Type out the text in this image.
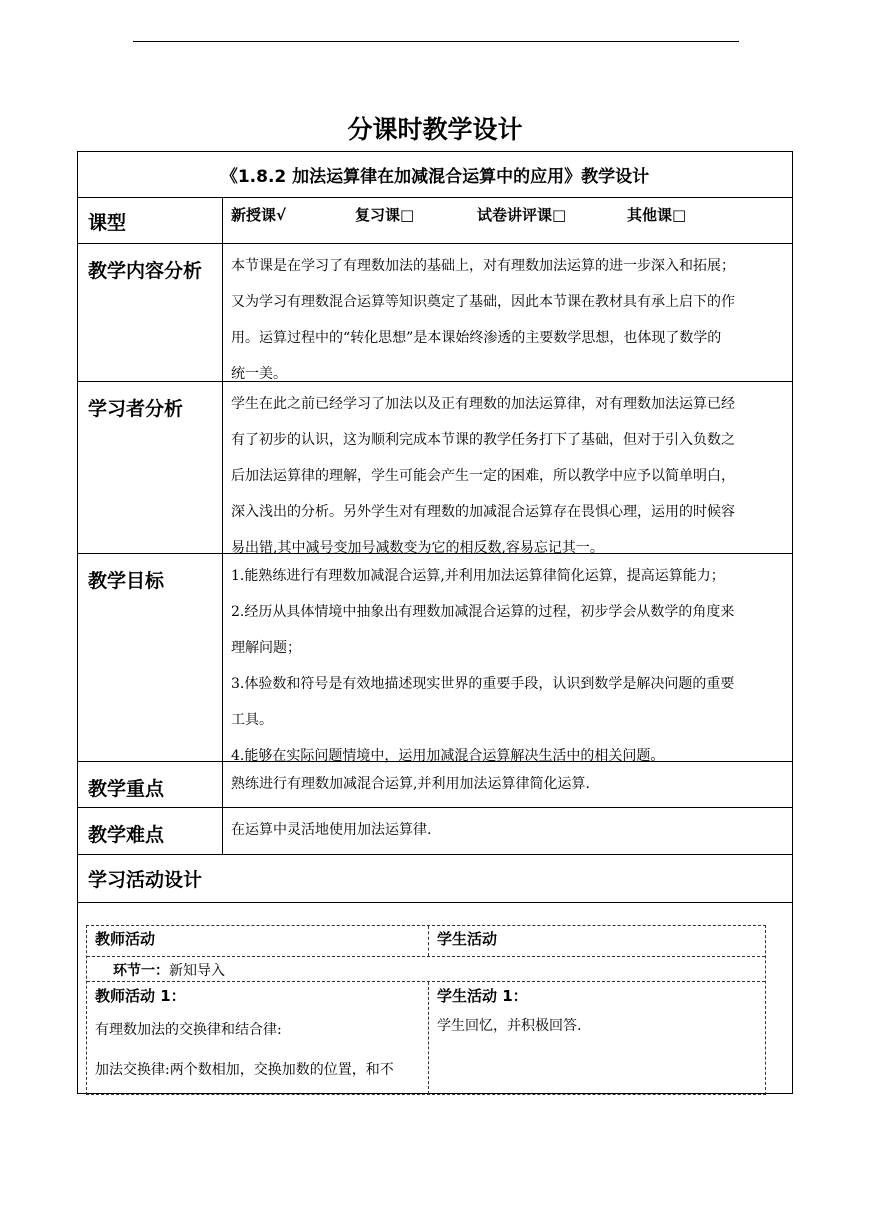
分课时教学设计
《1.8.2 加法运算律在加减混合运算中的应用》教学设计
课型	新授课√	复习课□	试卷讲评课□	其他课□
教学内容分析	本节课是在学习了有理数加法的基础上，对有理数加法运算的进一步深入和拓展；

又为学习有理数混合运算等知识奠定了基础，因此本节课在教材具有承上启下的作

用。运算过程中的“转化思想”是本课始终渗透的主要数学思想，也体现了数学的

统一美。

学习者分析	学生在此之前已经学习了加法以及正有理数的加法运算律，对有理数加法运算已经

有了初步的认识，这为顺利完成本节课的教学任务打下了基础，但对于引入负数之

后加法运算律的理解，学生可能会产生一定的困难，所以教学中应予以简单明白，

深入浅出的分析。另外学生对有理数的加减混合运算存在畏惧心理，运用的时候容

易出错,其中减号变加号减数变为它的相反数,容易忘记其一。

教学目标	1.能熟练进行有理数加减混合运算,并利用加法运算律简化运算，提高运算能力；

2.经历从具体情境中抽象出有理数加减混合运算的过程，初步学会从数学的角度来

理解问题；

3.体验数和符号是有效地描述现实世界的重要手段，认识到数学是解决问题的重要

工具。

4.能够在实际问题情境中，运用加减混合运算解决生活中的相关问题。

教学重点	熟练进行有理数加减混合运算,并利用加法运算律简化运算.
教学难点	在运算中灵活地使用加法运算律.
学习活动设计
教师活动	学生活动
环节一：新知导入

教师活动 1：

有理数加法的交换律和结合律:

加法交换律:两个数相加，交换加数的位置，和不

学生活动 1：

学生回忆，并积极回答.
